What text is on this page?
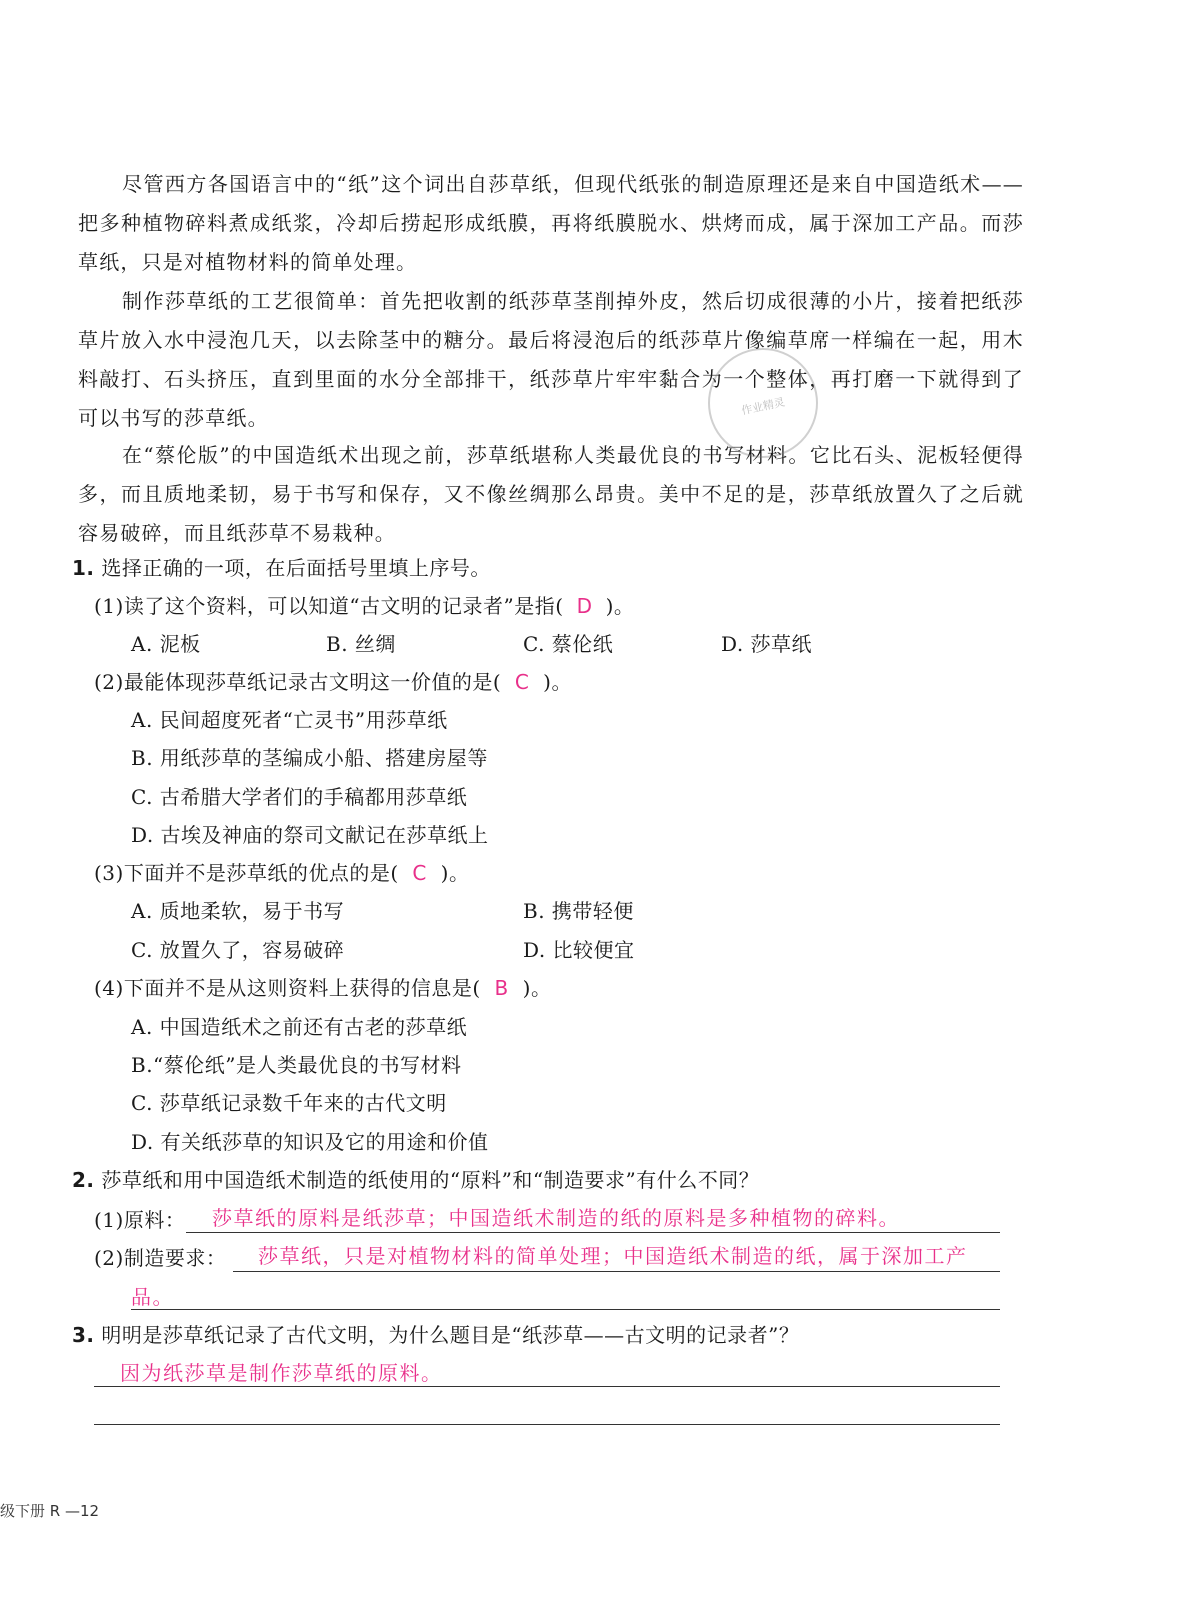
尽管西方各国语言中的“纸”这个词出自莎草纸，但现代纸张的制造原理还是来自中国造纸术——把多种植物碎料煮成纸浆，冷却后捞起形成纸膜，再将纸膜脱水、烘烤而成，属于深加工产品。而莎草纸，只是对植物材料的简单处理。

制作莎草纸的工艺很简单：首先把收割的纸莎草茎削掉外皮，然后切成很薄的小片，接着把纸莎草片放入水中浸泡几天，以去除茎中的糖分。最后将浸泡后的纸莎草片像编草席一样编在一起，用木料敲打、石头挤压，直到里面的水分全部排干，纸莎草片牢牢黏合为一个整体，再打磨一下就得到了可以书写的莎草纸。

在“蔡伦版”的中国造纸术出现之前，莎草纸堪称人类最优良的书写材料。它比石头、泥板轻便得多，而且质地柔韧，易于书写和保存，又不像丝绸那么昂贵。美中不足的是，莎草纸放置久了之后就容易破碎，而且纸莎草不易栽种。

作业精灵
1. 选择正确的一项，在后面括号里填上序号。
(1)读了这个资料，可以知道“古文明的记录者”是指( D )。
A. 泥板	B. 丝绸	C. 蔡伦纸	D. 莎草纸
(2)最能体现莎草纸记录古文明这一价值的是( C )。
A. 民间超度死者“亡灵书”用莎草纸
B. 用纸莎草的茎编成小船、搭建房屋等
C. 古希腊大学者们的手稿都用莎草纸
D. 古埃及神庙的祭司文献记在莎草纸上
(3)下面并不是莎草纸的优点的是( C )。
A. 质地柔软，易于书写	B. 携带轻便
C. 放置久了，容易破碎	D. 比较便宜
(4)下面并不是从这则资料上获得的信息是( B )。
A. 中国造纸术之前还有古老的莎草纸
B.“蔡伦纸”是人类最优良的书写材料
C. 莎草纸记录数千年来的古代文明
D. 有关纸莎草的知识及它的用途和价值
2. 莎草纸和用中国造纸术制造的纸使用的“原料”和“制造要求”有什么不同？
(1)原料： 莎草纸的原料是纸莎草；中国造纸术制造的纸的原料是多种植物的碎料。
(2)制造要求： 莎草纸，只是对植物材料的简单处理；中国造纸术制造的纸，属于深加工产
品。
3. 明明是莎草纸记录了古代文明，为什么题目是“纸莎草——古文明的记录者”？
因为纸莎草是制作莎草纸的原料。
级下册 R —12
